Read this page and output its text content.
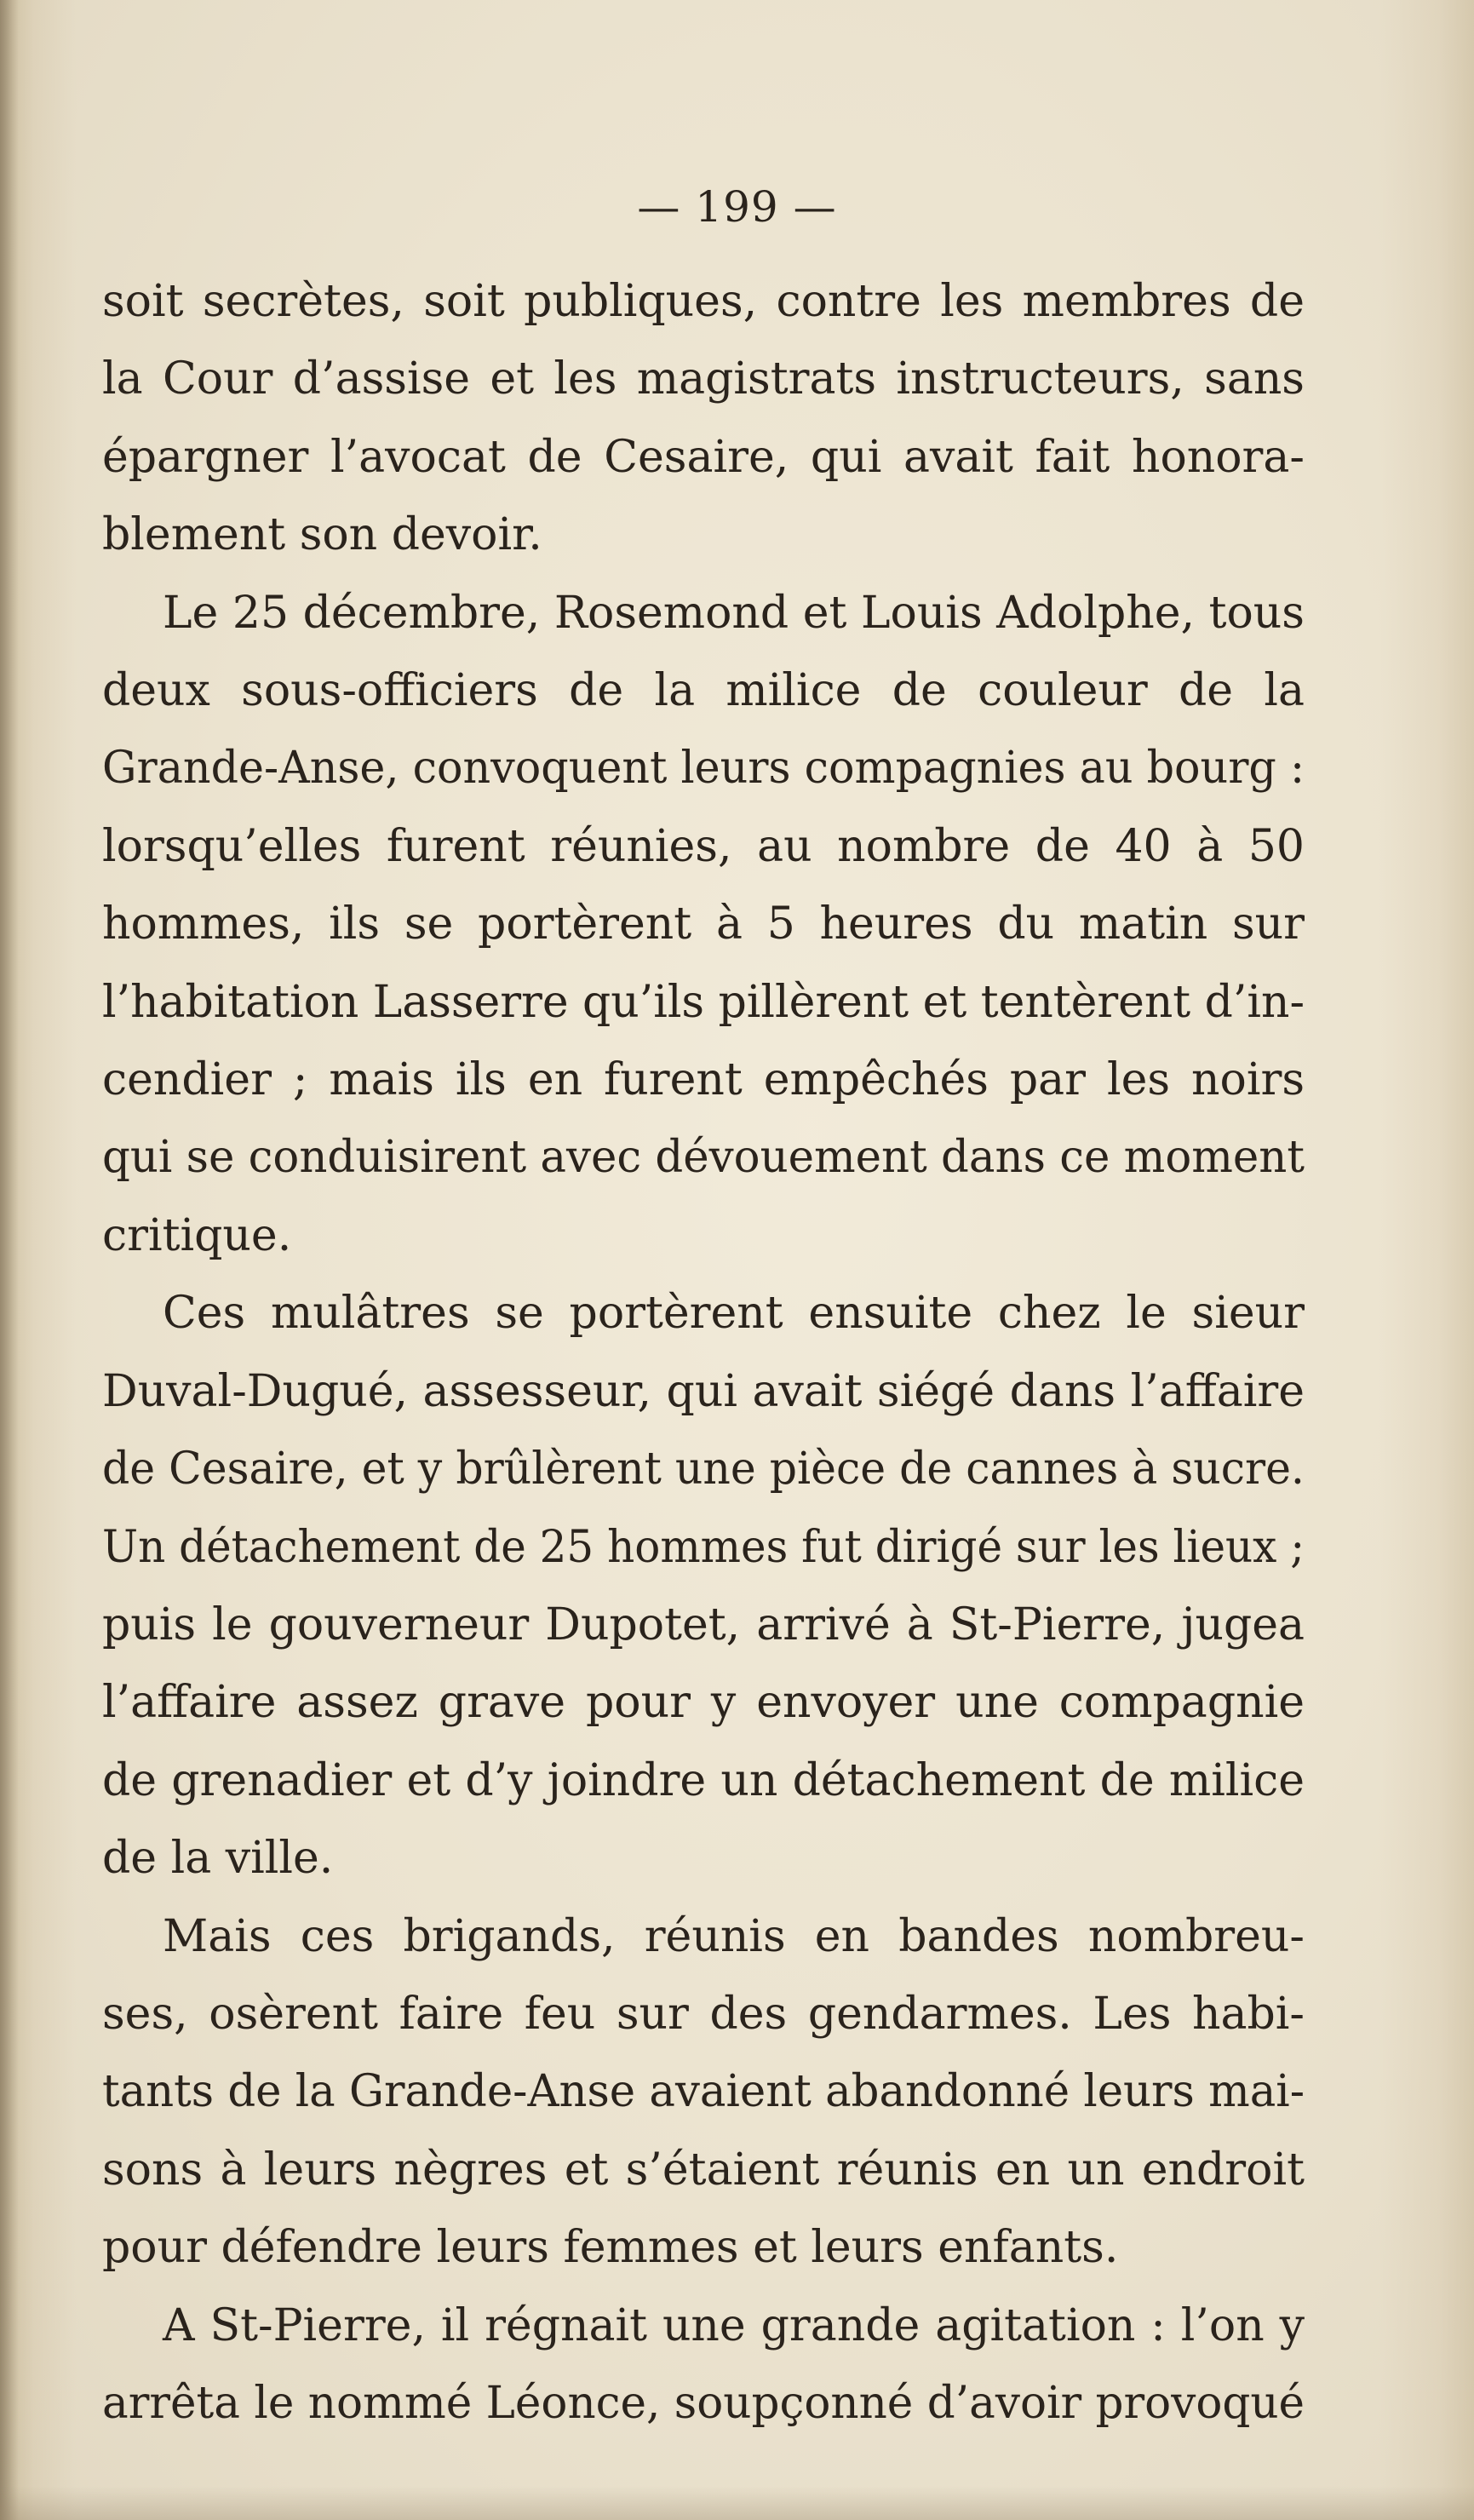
— 199 —
soit secrètes, soit publiques, contre les membres de
la Cour d’assise et les magistrats instructeurs, sans
épargner l’avocat de Cesaire, qui avait fait honora-
blement son devoir.
Le 25 décembre, Rosemond et Louis Adolphe, tous
deux sous-officiers de la milice de couleur de la
Grande-Anse, convoquent leurs compagnies au bourg :
lorsqu’elles furent réunies, au nombre de 40 à 50
hommes, ils se portèrent à 5 heures du matin sur
l’habitation Lasserre qu’ils pillèrent et tentèrent d’in-
cendier ; mais ils en furent empêchés par les noirs
qui se conduisirent avec dévouement dans ce moment
critique.
Ces mulâtres se portèrent ensuite chez le sieur
Duval-Dugué, assesseur, qui avait siégé dans l’affaire
de Cesaire, et y brûlèrent une pièce de cannes à sucre.
Un détachement de 25 hommes fut dirigé sur les lieux ;
puis le gouverneur Dupotet, arrivé à St-Pierre, jugea
l’affaire assez grave pour y envoyer une compagnie
de grenadier et d’y joindre un détachement de milice
de la ville.
Mais ces brigands, réunis en bandes nombreu-
ses, osèrent faire feu sur des gendarmes. Les habi-
tants de la Grande-Anse avaient abandonné leurs mai-
sons à leurs nègres et s’étaient réunis en un endroit
pour défendre leurs femmes et leurs enfants.
A St-Pierre, il régnait une grande agitation : l’on y
arrêta le nommé Léonce, soupçonné d’avoir provoqué
